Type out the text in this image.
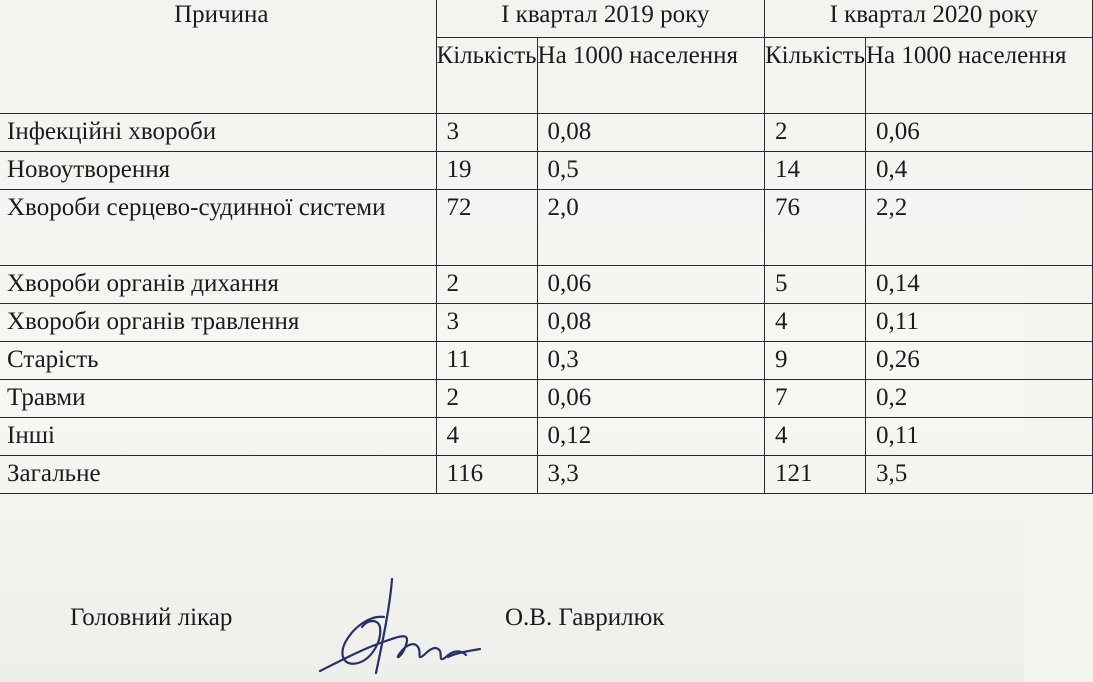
Причина	І квартал 2019 року		І квартал 2020 року	
	Кількість	На 1000 населення	Кількість	На 1000 населення
Інфекційні хвороби	3	0,08	2	0,06
Новоутворення	19	0,5	14	0,4
Хвороби серцево-судинної системи	72	2,0	76	2,2
Хвороби органів дихання	2	0,06	5	0,14
Хвороби органів травлення	3	0,08	4	0,11
Старість	11	0,3	9	0,26
Травми	2	0,06	7	0,2
Інші	4	0,12	4	0,11
Загальне	116	3,3	121	3,5
Головний лікар	О.В. Гаврилюк
